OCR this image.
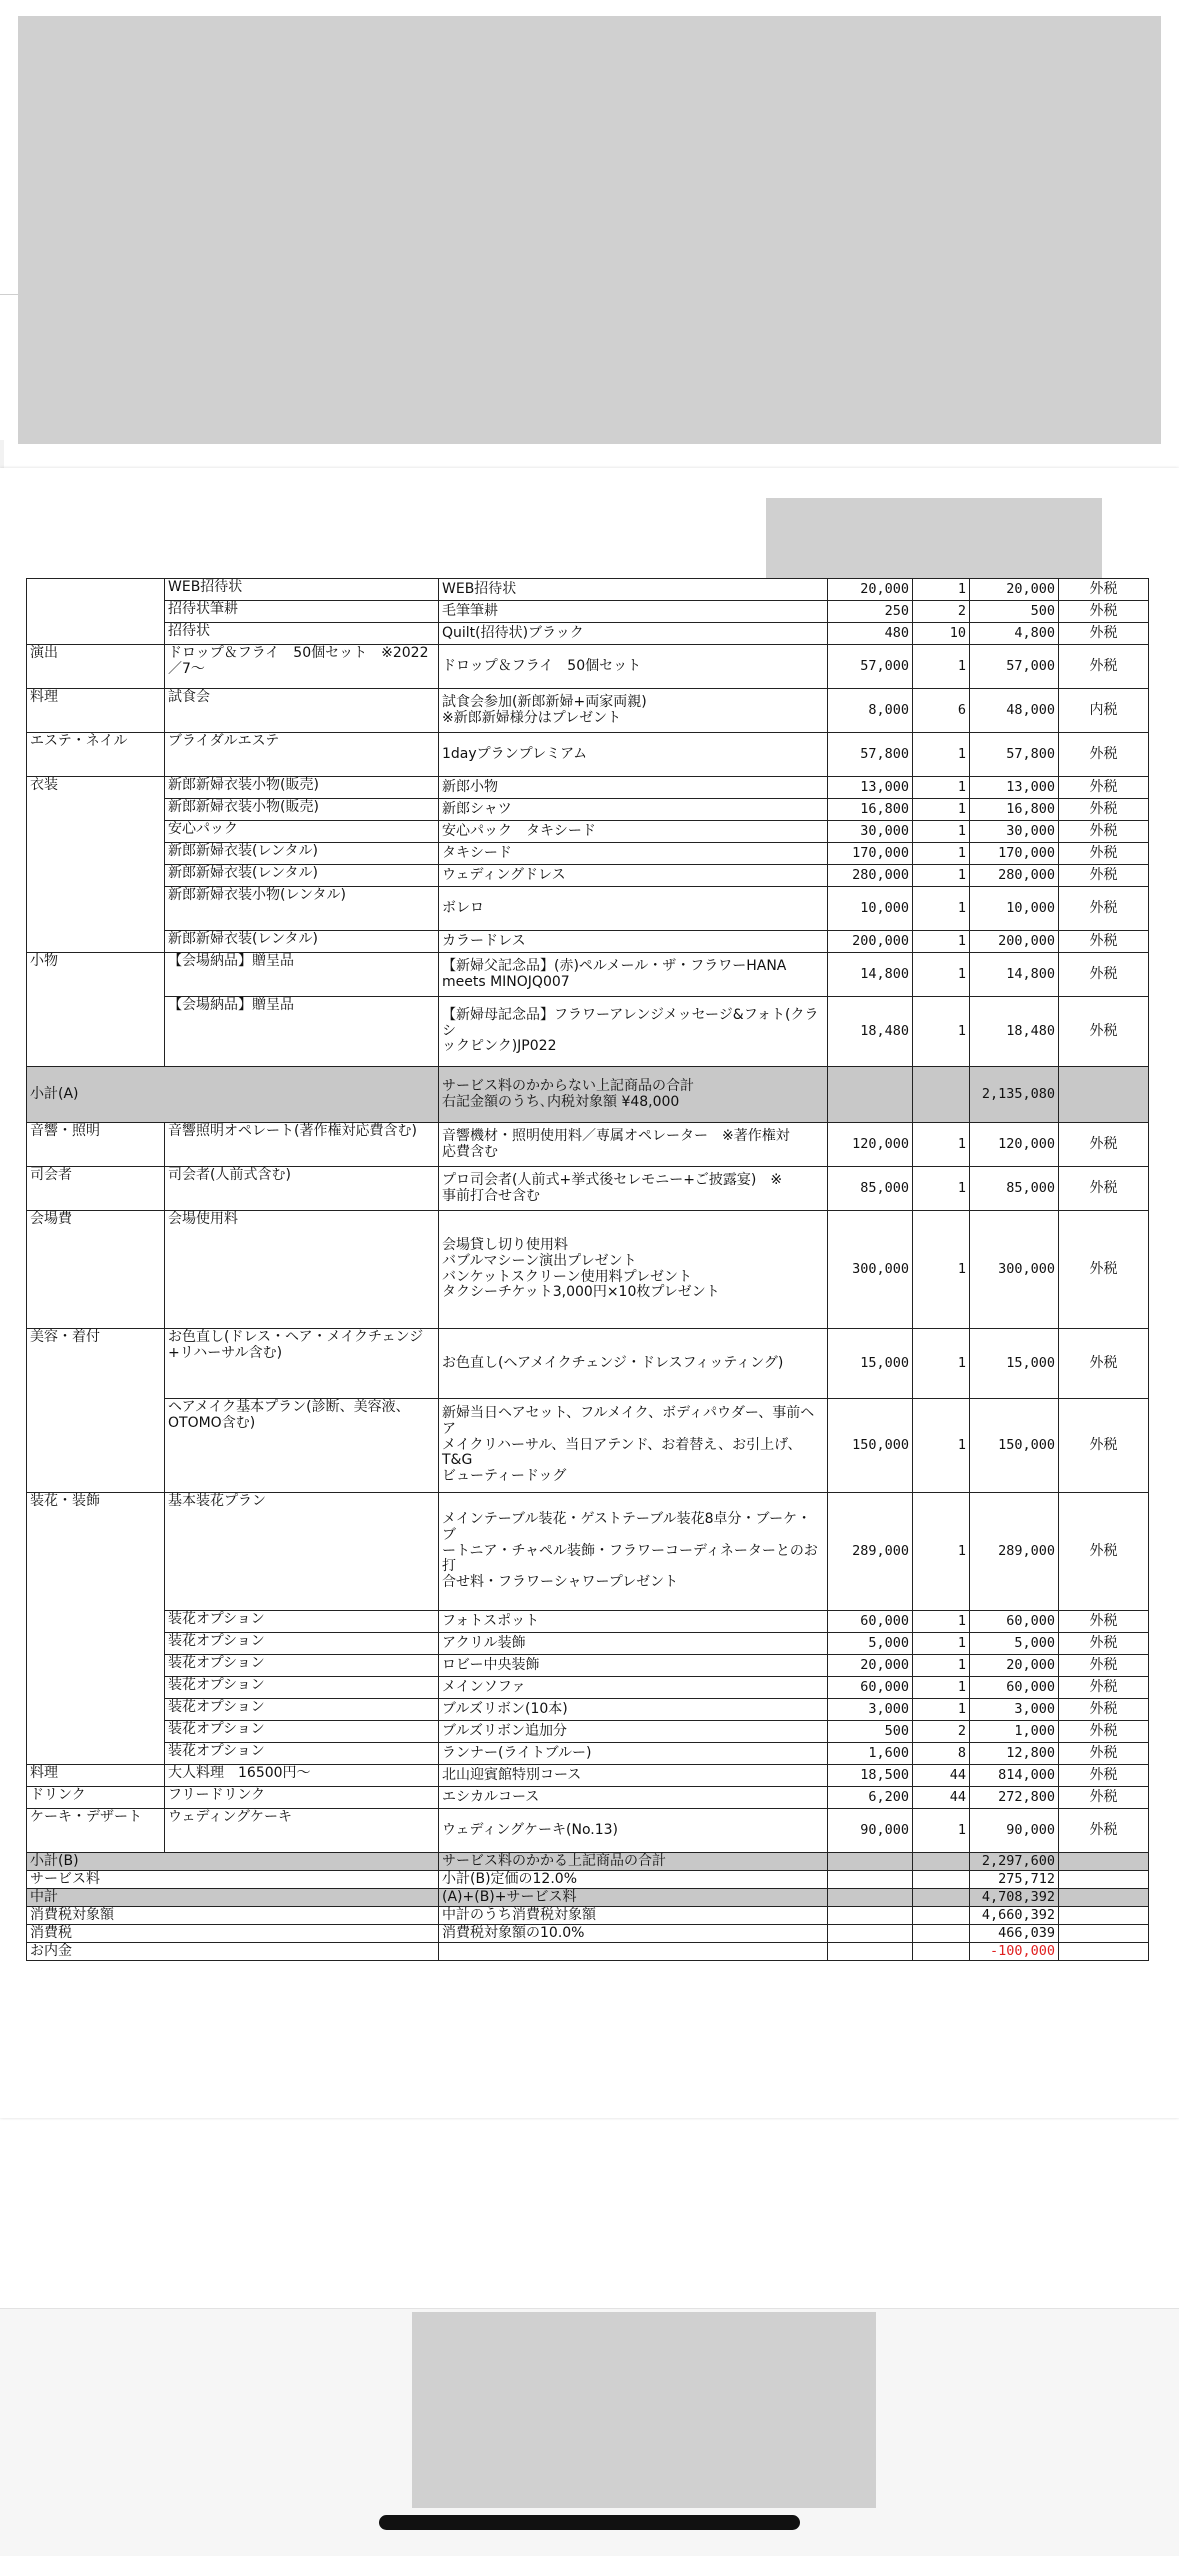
	WEB招待状	WEB招待状	20,000	1	20,000	外税
	招待状筆耕	毛筆筆耕	250	2	500	外税
	招待状	Quilt(招待状)ブラック	480	10	4,800	外税
演出	ドロップ＆フライ　50個セット　※2022／7〜	ドロップ＆フライ　50個セット	57,000	1	57,000	外税
料理	試食会	試食会参加(新郎新婦+両家両親)
※新郎新婦様分はプレゼント	8,000	6	48,000	内税
エステ・ネイル	ブライダルエステ	1dayプランプレミアム	57,800	1	57,800	外税
衣装	新郎新婦衣装小物(販売)	新郎小物	13,000	1	13,000	外税
	新郎新婦衣装小物(販売)	新郎シャツ	16,800	1	16,800	外税
	安心パック	安心パック　タキシード	30,000	1	30,000	外税
	新郎新婦衣装(レンタル)	タキシード	170,000	1	170,000	外税
	新郎新婦衣装(レンタル)	ウェディングドレス	280,000	1	280,000	外税
	新郎新婦衣装小物(レンタル)	ボレロ	10,000	1	10,000	外税
	新郎新婦衣装(レンタル)	カラードレス	200,000	1	200,000	外税
小物	【会場納品】贈呈品	【新婦父記念品】(赤)ペルメール・ザ・フラワーHANA
meets MINOJQ007	14,800	1	14,800	外税
	【会場納品】贈呈品	【新婦母記念品】フラワーアレンジメッセージ&フォト(クラシ
ックピンク)JP022	18,480	1	18,480	外税
小計(A)		サービス料のかからない上記商品の合計
右記金額のうち､内税対象額 ¥48,000			2,135,080	
音響・照明	音響照明オペレート(著作権対応費含む)	音響機材・照明使用料／専属オペレーター　※著作権対
応費含む	120,000	1	120,000	外税
司会者	司会者(人前式含む)	プロ司会者(人前式+挙式後セレモニー+ご披露宴)　※
事前打合せ含む	85,000	1	85,000	外税
会場費	会場使用料	会場貸し切り使用料
バブルマシーン演出プレゼント
バンケットスクリーン使用料プレゼント
タクシーチケット3,000円×10枚プレゼント	300,000	1	300,000	外税
美容・着付	お色直し(ドレス・ヘア・メイクチェンジ+リハーサル含む)	お色直し(ヘアメイクチェンジ・ドレスフィッティング)	15,000	1	15,000	外税
	ヘアメイク基本プラン(診断、美容液、OTOMO含む)	新婦当日ヘアセット、フルメイク、ボディパウダー、事前ヘア
メイクリハーサル、当日アテンド、お着替え、お引上げ、T&G
ビューティードッグ	150,000	1	150,000	外税
装花・装飾	基本装花プラン	メインテーブル装花・ゲストテーブル装花8卓分・ブーケ・ブ
ートニア・チャペル装飾・フラワーコーディネーターとのお打
合せ料・フラワーシャワープレゼント	289,000	1	289,000	外税
	装花オプション	フォトスポット	60,000	1	60,000	外税
	装花オプション	アクリル装飾	5,000	1	5,000	外税
	装花オプション	ロビー中央装飾	20,000	1	20,000	外税
	装花オプション	メインソファ	60,000	1	60,000	外税
	装花オプション	ブルズリボン(10本)	3,000	1	3,000	外税
	装花オプション	ブルズリボン追加分	500	2	1,000	外税
	装花オプション	ランナー(ライトブルー)	1,600	8	12,800	外税
料理	大人料理　16500円〜	北山迎賓館特別コース	18,500	44	814,000	外税
ドリンク	フリードリンク	エシカルコース	6,200	44	272,800	外税
ケーキ・デザート	ウェディングケーキ	ウェディングケーキ(No.13)	90,000	1	90,000	外税
小計(B)		サービス料のかかる上記商品の合計			2,297,600	
サービス料		小計(B)定価の12.0%			275,712	
中計		(A)+(B)+サービス料			4,708,392	
消費税対象額		中計のうち消費税対象額			4,660,392	
消費税		消費税対象額の10.0%			466,039	
お内金					-100,000	
